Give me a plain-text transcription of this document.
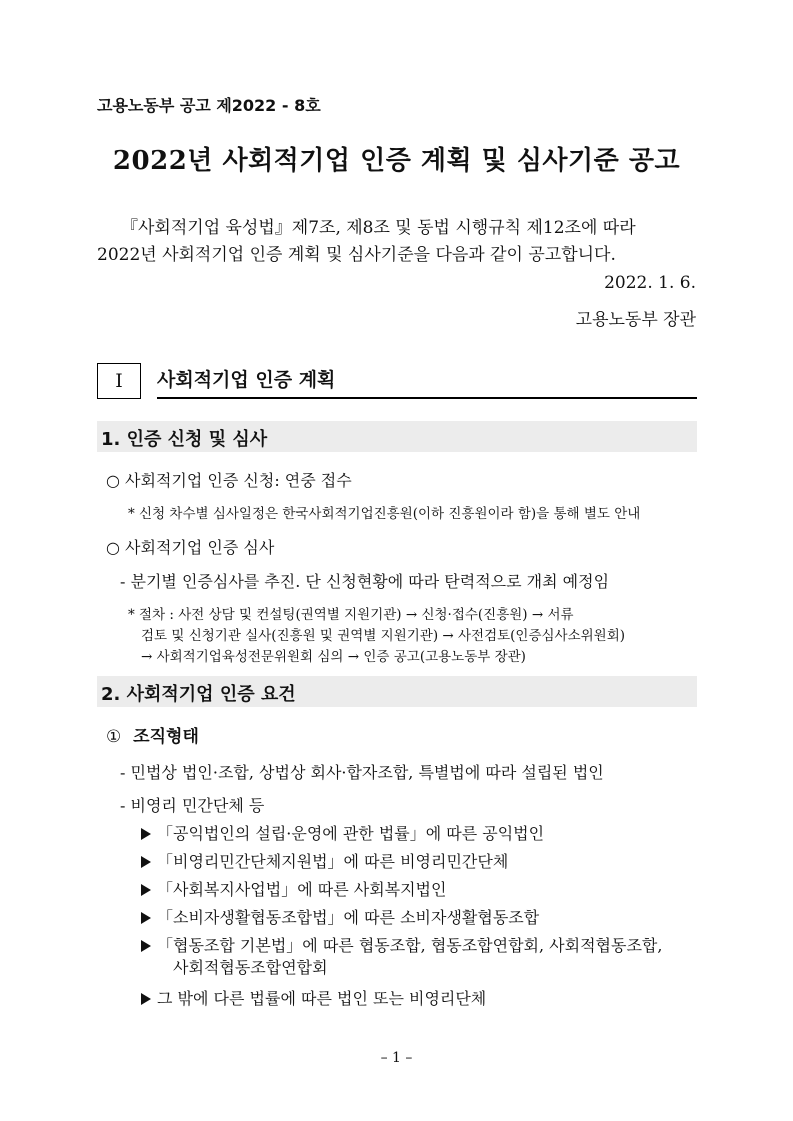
고용노동부 공고 제2022 - 8호
2022년 사회적기업 인증 계획 및 심사기준 공고
『사회적기업 육성법』제7조, 제8조 및 동법 시행규칙 제12조에 따라
2022년 사회적기업 인증 계획 및 심사기준을 다음과 같이 공고합니다.
2022. 1. 6.
고용노동부 장관
Ⅰ	사회적기업 인증 계획
1. 인증 신청 및 심사
○ 사회적기업 인증 신청: 연중 접수
* 신청 차수별 심사일정은 한국사회적기업진흥원(이하 진흥원이라 함)을 통해 별도 안내
○ 사회적기업 인증 심사
- 분기별 인증심사를 추진. 단 신청현황에 따라 탄력적으로 개최 예정임
* 절차 : 사전 상담 및 컨설팅(권역별 지원기관) → 신청·접수(진흥원) → 서류
검토 및 신청기관 실사(진흥원 및 권역별 지원기관) → 사전검토(인증심사소위원회)
→ 사회적기업육성전문위원회 심의 → 인증 공고(고용노동부 장관)
2. 사회적기업 인증 요건
① 조직형태
- 민법상 법인·조합, 상법상 회사·합자조합, 특별법에 따라 설립된 법인
- 비영리 민간단체 등
「공익법인의 설립·운영에 관한 법률」에 따른 공익법인
「비영리민간단체지원법」에 따른 비영리민간단체
「사회복지사업법」에 따른 사회복지법인
「소비자생활협동조합법」에 따른 소비자생활협동조합
「협동조합 기본법」에 따른 협동조합, 협동조합연합회, 사회적협동조합,
사회적협동조합연합회
그 밖에 다른 법률에 따른 법인 또는 비영리단체
– 1 –
